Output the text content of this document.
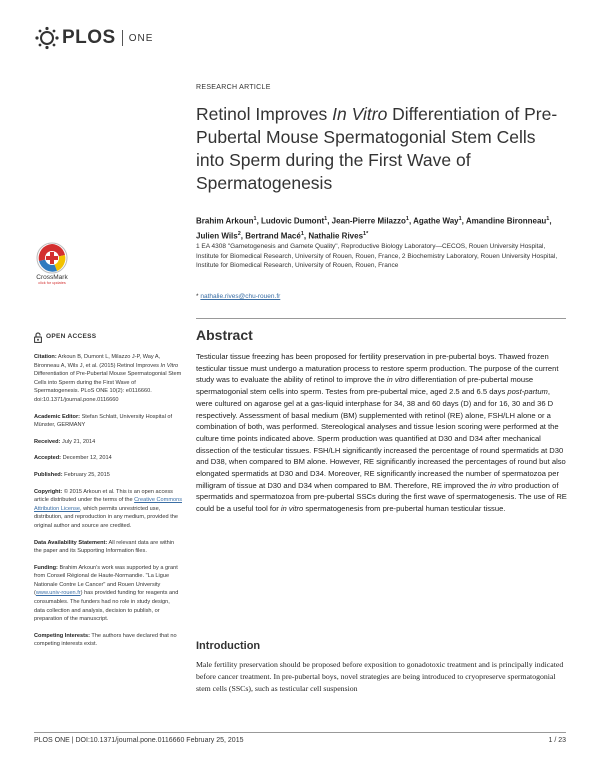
PLOS ONE
RESEARCH ARTICLE
Retinol Improves In Vitro Differentiation of Pre-Pubertal Mouse Spermatogonial Stem Cells into Sperm during the First Wave of Spermatogenesis
Brahim Arkoun$^1$, Ludovic Dumont$^1$, Jean-Pierre Milazzo$^1$, Agathe Way$^1$, Amandine Bironneau$^1$, Julien Wils$^2$, Bertrand Macé$^1$, Nathalie Rives$^{1*}$
1 EA 4308 "Gametogenesis and Gamete Quality", Reproductive Biology Laboratory—CECOS, Rouen University Hospital, Institute for Biomedical Research, University of Rouen, Rouen, France, 2 Biochemistry Laboratory, Rouen University Hospital, Institute for Biomedical Research, University of Rouen, Rouen, France
* nathalie.rives@chu-rouen.fr
CrossMark
click for updates
OPEN ACCESS
Citation: Arkoun B, Dumont L, Milazzo J-P, Way A, Bironneau A, Wils J, et al. (2015) Retinol Improves In Vitro Differentiation of Pre-Pubertal Mouse Spermatogonial Stem Cells into Sperm during the First Wave of Spermatogenesis. PLoS ONE 10(2): e0116660. doi:10.1371/journal.pone.0116660
Academic Editor: Stefan Schlatt, University Hospital of Münster, GERMANY
Received: July 21, 2014
Accepted: December 12, 2014
Published: February 25, 2015
Copyright: © 2015 Arkoun et al. This is an open access article distributed under the terms of the Creative Commons Attribution License, which permits unrestricted use, distribution, and reproduction in any medium, provided the original author and source are credited.
Data Availability Statement: All relevant data are within the paper and its Supporting Information files.
Funding: Brahim Arkoun's work was supported by a grant from Conseil Régional de Haute-Normandie. "La Ligue Nationale Contre Le Cancer" and Rouen University (www.univ-rouen.fr) has provided funding for reagents and consumables. The funders had no role in study design, data collection and analysis, decision to publish, or preparation of the manuscript.
Competing Interests: The authors have declared that no competing interests exist.
Abstract

Testicular tissue freezing has been proposed for fertility preservation in pre-pubertal boys. Thawed frozen testicular tissue must undergo a maturation process to restore sperm production. The purpose of the current study was to evaluate the ability of retinol to improve the in vitro differentiation of pre-pubertal mouse spermatogonial stem cells into sperm. Testes from pre-pubertal mice, aged 2.5 and 6.5 days post-partum, were cultured on agarose gel at a gas-liquid interphase for 34, 38 and 60 days (D) and for 16, 30 and 36 D respectively. Assessment of basal medium (BM) supplemented with retinol (RE) alone, FSH/LH alone or a combination of both, was performed. Stereological analyses and tissue lesion scoring were performed at the culture time points indicated above. Sperm production was quantified at D30 and D34 after mechanical dissection of the testicular tissues. FSH/LH significantly increased the percentage of round spermatids at D30 and D38, when compared to BM alone. However, RE significantly increased the percentages of round but also elongated spermatids at D30 and D34. Moreover, RE significantly increased the number of spermatozoa per milligram of tissue at D30 and D34 when compared to BM. Therefore, RE improved the in vitro production of spermatids and spermatozoa from pre-pubertal SSCs during the first wave of spermatogenesis. The use of RE could be a useful tool for in vitro spermatogenesis from pre-pubertal human testicular tissue.

Introduction

Male fertility preservation should be proposed before exposition to gonadotoxic treatment and is principally indicated before cancer treatment. In pre-pubertal boys, novel strategies are being introduced to cryopreserve spermatogonial stem cells (SSCs), such as testicular cell suspension

PLOS ONE | DOI:10.1371/journal.pone.0116660 February 25, 2015	1 / 23
